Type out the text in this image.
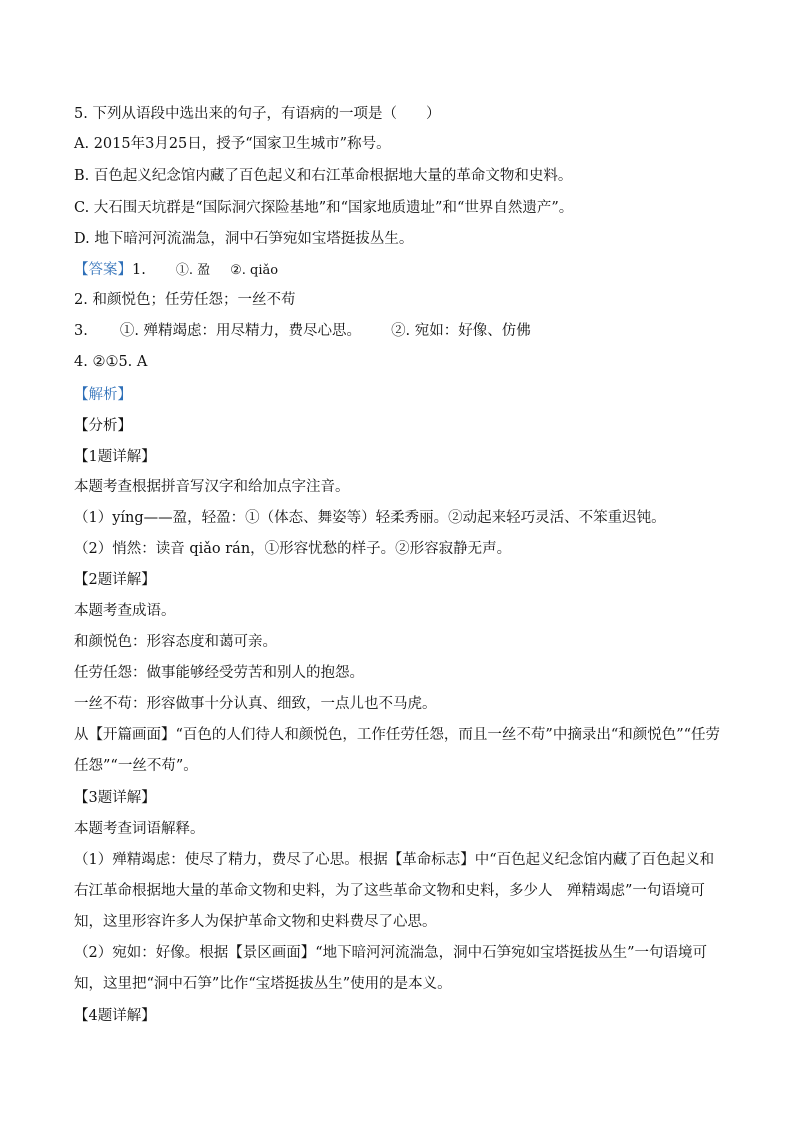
5. 下列从语段中选出来的句子，有语病的一项是（　　）
A. 2015年3月25日，授予“国家卫生城市”称号。
B. 百色起义纪念馆内藏了百色起义和右江革命根据地大量的革命文物和史料。
C. 大石围天坑群是“国际洞穴探险基地”和“国家地质遗址”和“世界自然遗产”。
D. 地下暗河河流湍急，洞中石笋宛如宝塔挺拔丛生。
【答案】1. ①. 盈 ②. qiǎo
2. 和颜悦色；任劳任怨；一丝不苟
3. ①. 殚精竭虑：用尽精力，费尽心思。 ②. 宛如：好像、仿佛
4. ②①5. A
【解析】
【分析】
【1题详解】
本题考查根据拼音写汉字和给加点字注音。
（1）yíng——盈，轻盈：①（体态、舞姿等）轻柔秀丽。②动起来轻巧灵活、不笨重迟钝。
（2）悄然：读音 qiǎo rán，①形容忧愁的样子。②形容寂静无声。
【2题详解】
本题考查成语。
和颜悦色：形容态度和蔼可亲。
任劳任怨：做事能够经受劳苦和别人的抱怨。
一丝不苟：形容做事十分认真、细致，一点儿也不马虎。
从【开篇画面】“百色的人们待人和颜悦色，工作任劳任怨，而且一丝不苟”中摘录出“和颜悦色”“任劳任怨”“一丝不苟”。
【3题详解】
本题考查词语解释。
（1）殚精竭虑：使尽了精力，费尽了心思。根据【革命标志】中“百色起义纪念馆内藏了百色起义和右江革命根据地大量的革命文物和史料，为了这些革命文物和史料，多少人　殚精竭虑”一句语境可知，这里形容许多人为保护革命文物和史料费尽了心思。
（2）宛如：好像。根据【景区画面】“地下暗河河流湍急，洞中石笋宛如宝塔挺拔丛生”一句语境可知，这里把“洞中石笋”比作“宝塔挺拔丛生”使用的是本义。
【4题详解】
